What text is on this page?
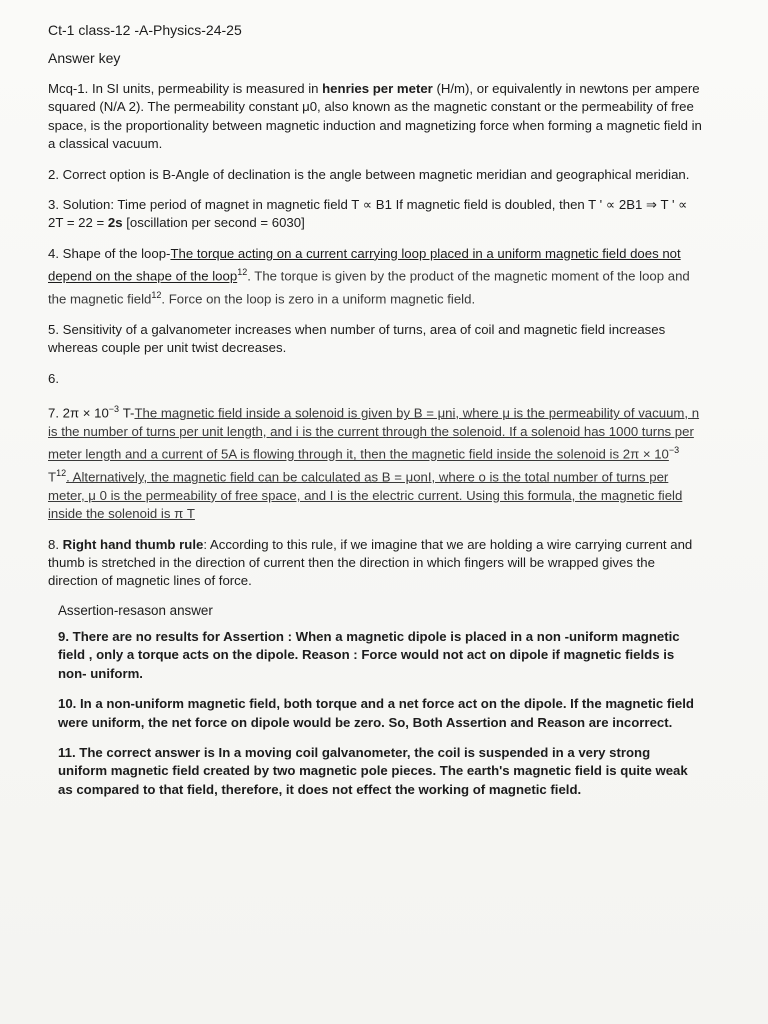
Ct-1 class-12 -A-Physics-24-25
Answer key

Mcq-1. In SI units, permeability is measured in henries per meter (H/m), or equivalently in newtons per ampere squared (N/A 2). The permeability constant μ0, also known as the magnetic constant or the permeability of free space, is the proportionality between magnetic induction and magnetizing force when forming a magnetic field in a classical vacuum.

2. Correct option is B-Angle of declination is the angle between magnetic meridian and geographical meridian.

3. Solution: Time period of magnet in magnetic field T ∝ B1 If magnetic field is doubled, then T ' ∝ 2B1 ⇒ T ' ∝ 2T = 22 = 2s [oscillation per second = 6030]

4. Shape of the loop-The torque acting on a current carrying loop placed in a uniform magnetic field does not depend on the shape of the loop$^{12}$. The torque is given by the product of the magnetic moment of the loop and the magnetic field$^{12}$. Force on the loop is zero in a uniform magnetic field.

5. Sensitivity of a galvanometer increases when number of turns, area of coil and magnetic field increases whereas couple per unit twist decreases.

6.

7. $2\pi \times 10^{-3}$ T-The magnetic field inside a solenoid is given by B = μni, where μ is the permeability of vacuum, n is the number of turns per unit length, and i is the current through the solenoid. If a solenoid has 1000 turns per meter length and a current of 5A is flowing through it, then the magnetic field inside the solenoid is $2\pi \times 10^{-3}$ $T^{12}$. Alternatively, the magnetic field can be calculated as B = μonI, where o is the total number of turns per meter, μ 0 is the permeability of free space, and I is the electric current. Using this formula, the magnetic field inside the solenoid is π T

8. Right hand thumb rule: According to this rule, if we imagine that we are holding a wire carrying current and thumb is stretched in the direction of current then the direction in which fingers will be wrapped gives the direction of magnetic lines of force.

Assertion-resason answer

9. There are no results for Assertion : When a magnetic dipole is placed in a non -uniform magnetic field , only a torque acts on the dipole. Reason : Force would not act on dipole if magnetic fields is non- uniform.

10. In a non-uniform magnetic field, both torque and a net force act on the dipole. If the magnetic field were uniform, the net force on dipole would be zero. So, Both Assertion and Reason are incorrect.

11. The correct answer is In a moving coil galvanometer, the coil is suspended in a very strong uniform magnetic field created by two magnetic pole pieces. The earth's magnetic field is quite weak as compared to that field, therefore, it does not effect the working of magnetic field.
